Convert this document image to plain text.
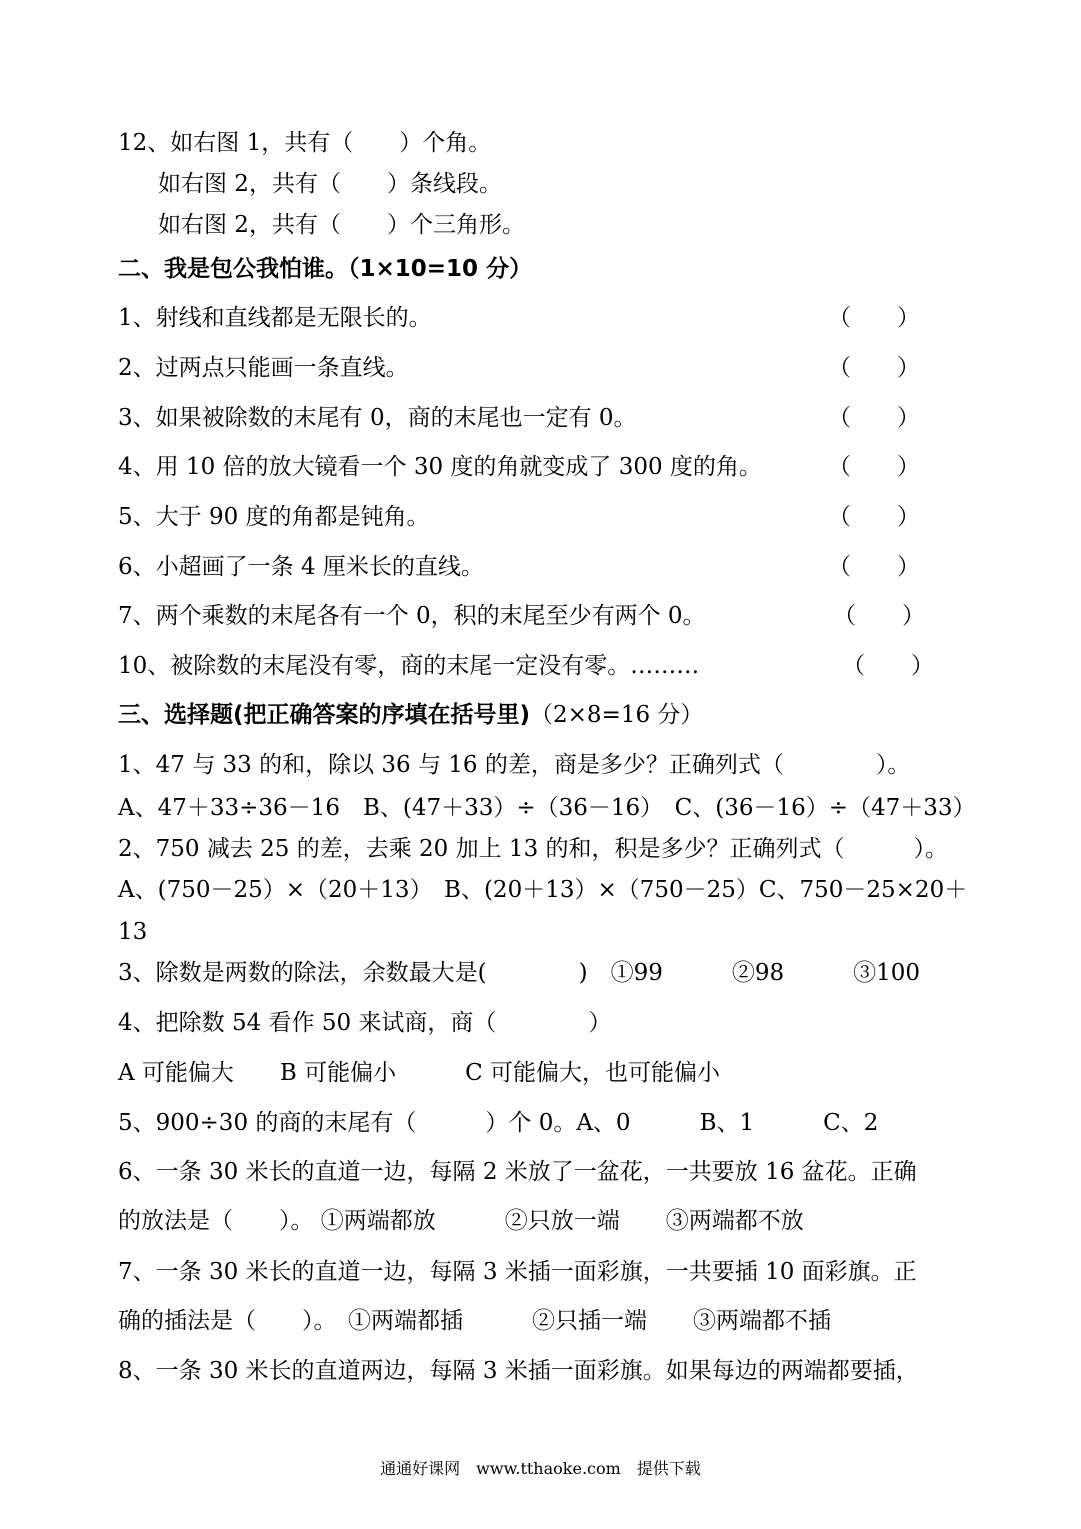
12、如右图 1，共有（　　）个角。
如右图 2，共有（　　）条线段。
如右图 2，共有（　　）个三角形。
二、我是包公我怕谁。（1×10=10 分）
1、射线和直线都是无限长的。	（　　）
2、过两点只能画一条直线。	（　　）
3、如果被除数的末尾有 0，商的末尾也一定有 0。	（　　）
4、用 10 倍的放大镜看一个 30 度的角就变成了 300 度的角。	（　　）
5、大于 90 度的角都是钝角。	（　　）
6、小超画了一条 4 厘米长的直线。	（　　）
7、两个乘数的末尾各有一个 0，积的末尾至少有两个 0。	（　　）
10、被除数的末尾没有零，商的末尾一定没有零。………	（　　）
三、选择题(把正确答案的序填在括号里)（2×8=16 分）
1、47 与 33 的和，除以 36 与 16 的差，商是多少？正确列式（　　　　）。
A、47＋33÷36－16　B、(47＋33）÷（36－16）　C、(36－16）÷（47＋33）
2、750 减去 25 的差，去乘 20 加上 13 的和，积是多少？正确列式（　　　）。
A、(750－25）×（20＋13）　B、(20＋13）×（750－25）C、750－25×20＋
13
3、除数是两数的除法，余数最大是(　　　　)　①99　　　②98　　　③100
4、把除数 54 看作 50 来试商，商（　　　　）
A 可能偏大　　B 可能偏小　　　C 可能偏大，也可能偏小
5、900÷30 的商的末尾有（　　　）个 0。A、0　　　B、1　　　C、2
6、一条 30 米长的直道一边，每隔 2 米放了一盆花，一共要放 16 盆花。正确
的放法是（　　）。 ①两端都放　　　②只放一端　　③两端都不放
7、一条 30 米长的直道一边，每隔 3 米插一面彩旗，一共要插 10 面彩旗。正
确的插法是（　　）。　①两端都插　　　②只插一端　　③两端都不插
8、一条 30 米长的直道两边，每隔 3 米插一面彩旗。如果每边的两端都要插，
通通好课网　www.tthaoke.com　提供下载
